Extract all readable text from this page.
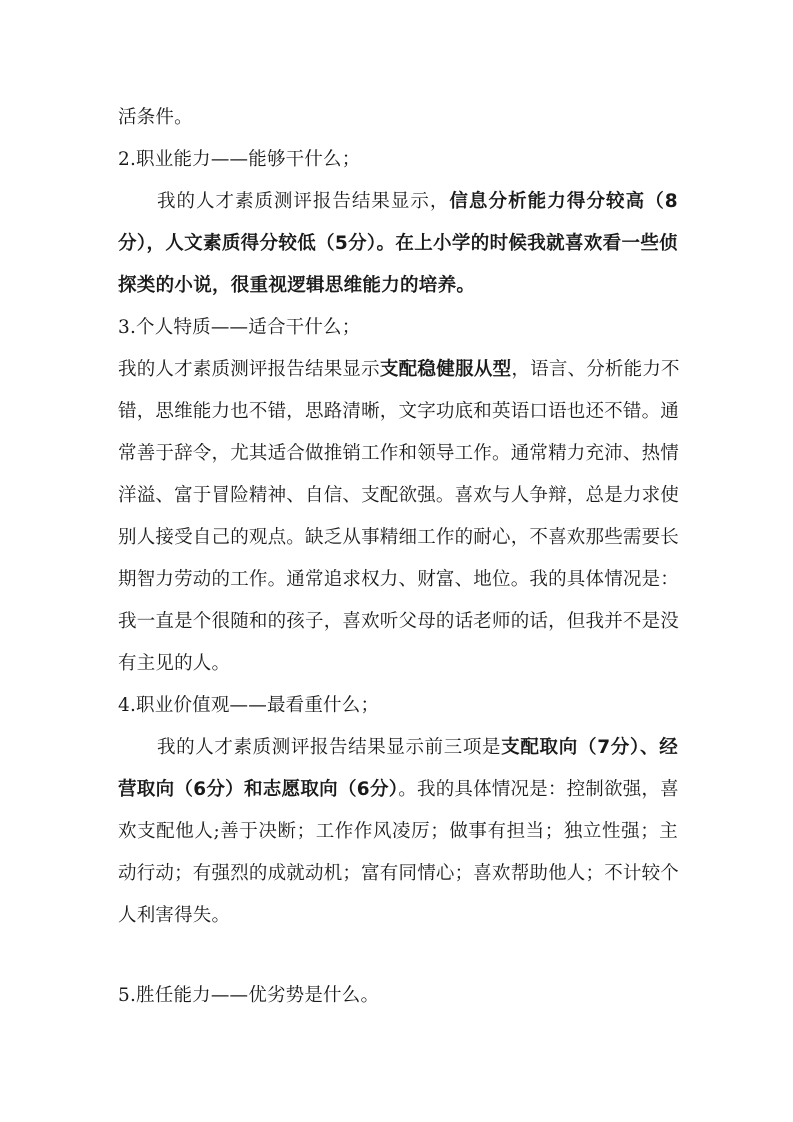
活条件。
2.职业能力——能够干什么；
我的人才素质测评报告结果显示，信息分析能力得分较高（8
分），人文素质得分较低（5分）。在上小学的时候我就喜欢看一些侦
探类的小说，很重视逻辑思维能力的培养。
3.个人特质——适合干什么；
我的人才素质测评报告结果显示支配稳健服从型，语言、分析能力不
错，思维能力也不错，思路清晰，文字功底和英语口语也还不错。通
常善于辞令，尤其适合做推销工作和领导工作。通常精力充沛、热情
洋溢、富于冒险精神、自信、支配欲强。喜欢与人争辩，总是力求使
别人接受自己的观点。缺乏从事精细工作的耐心，不喜欢那些需要长
期智力劳动的工作。通常追求权力、财富、地位。我的具体情况是：
我一直是个很随和的孩子，喜欢听父母的话老师的话，但我并不是没
有主见的人。
4.职业价值观——最看重什么；
我的人才素质测评报告结果显示前三项是支配取向（7分）、经
营取向（6分）和志愿取向（6分）。我的具体情况是：控制欲强，喜
欢支配他人;善于决断；工作作风凌厉；做事有担当；独立性强；主
动行动；有强烈的成就动机；富有同情心；喜欢帮助他人；不计较个
人利害得失。
5.胜任能力——优劣势是什么。
